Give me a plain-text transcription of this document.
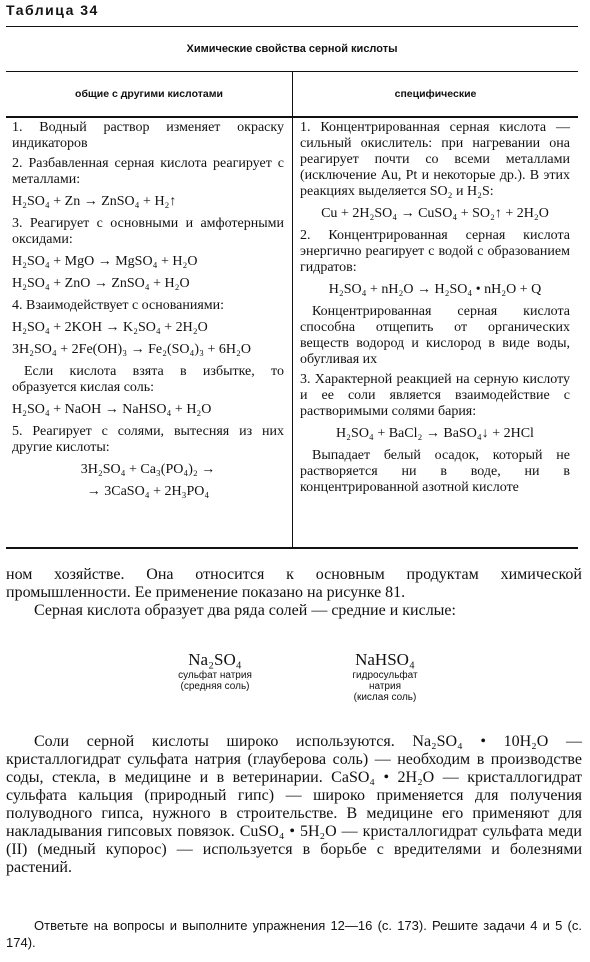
Таблица 34
Химические свойства серной кислоты
общие с другими кислотами	специфические
1. Водный раствор изменяет окраску индикаторов
2. Разбавленная серная кислота реагирует с металлами:
H₂SO₄ + Zn → ZnSO₄ + H₂↑
3. Реагирует с основными и амфотерными оксидами:
H₂SO₄ + MgO → MgSO₄ + H₂O
H₂SO₄ + ZnO → ZnSO₄ + H₂O
4. Взаимодействует с основаниями:
H₂SO₄ + 2KOH → K₂SO₄ + 2H₂O
3H₂SO₄ + 2Fe(OH)₃ → Fe₂(SO₄)₃ + 6H₂O
Если кислота взята в избытке, то образуется кислая соль:
H₂SO₄ + NaOH → NaHSO₄ + H₂O
5. Реагирует с солями, вытесняя из них другие кислоты:
3H₂SO₄ + Ca₃(PO₄)₂ →
→ 3CaSO₄ + 2H₃PO₄
1. Концентрированная серная кислота — сильный окислитель: при нагревании она реагирует почти со всеми металлами (исключение Au, Pt и некоторые др.). В этих реакциях выделяется SO₂ и H₂S:
Cu + 2H₂SO₄ → CuSO₄ + SO₂↑ + 2H₂O
2. Концентрированная серная кислота энергично реагирует с водой с образованием гидратов:
H₂SO₄ + nH₂O → H₂SO₄ • nH₂O + Q
Концентрированная серная кислота способна отщепить от органических веществ водород и кислород в виде воды, обугливая их
3. Характерной реакцией на серную кислоту и ее соли является взаимодействие с растворимыми солями бария:
H₂SO₄ + BaCl₂ → BaSO₄↓ + 2HCl
Выпадает белый осадок, который не растворяется ни в воде, ни в концентрированной азотной кислоте
ном хозяйстве. Она относится к основным продуктам химической промышленности. Ее применение показано на рисунке 81.
Серная кислота образует два ряда солей — средние и кислые:
Na₂SO₄
сульфат натрия
(средняя соль)
NaHSO₄
гидросульфат
натрия
(кислая соль)
Соли серной кислоты широко используются. Na₂SO₄ • 10H₂O — кристаллогидрат сульфата натрия (глауберова соль) — необходим в производстве соды, стекла, в медицине и в ветеринарии. CaSO₄ • 2H₂O — кристаллогидрат сульфата кальция (природный гипс) — широко применяется для получения полуводного гипса, нужного в строительстве. В медицине его применяют для накладывания гипсовых повязок. CuSO₄ • 5H₂O — кристаллогидрат сульфата меди (II) (медный купорос) — используется в борьбе с вредителями и болезнями растений.
Ответьте на вопросы и выполните упражнения 12—16 (с. 173). Решите задачи 4 и 5 (с. 174).
